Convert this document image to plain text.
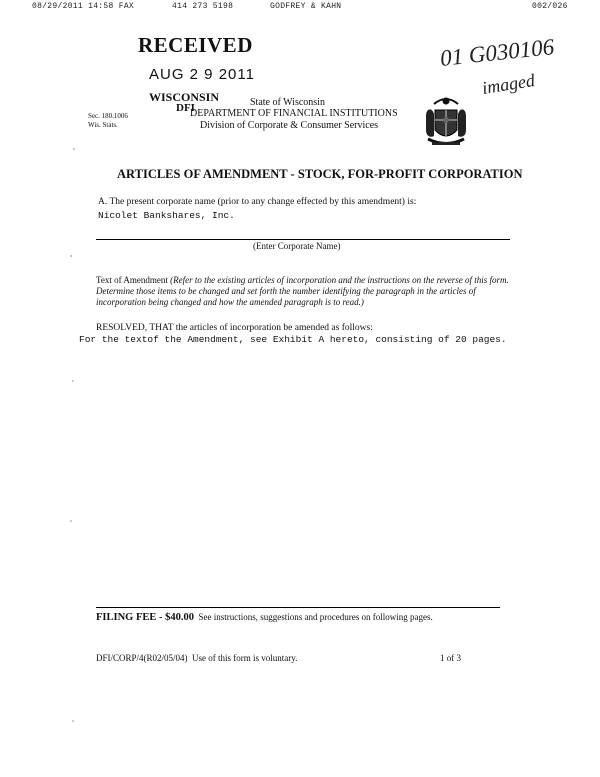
08/29/2011 14:58 FAX	414 273 5198	GODFREY & KAHN	002/026
RECEIVED
AUG 2 9 2011
01 G030106
imaged
WISCONSIN
DFI
Sec. 180.1006
Wis. Stats.
State of Wisconsin
DEPARTMENT OF FINANCIAL INSTITUTIONS
Division of Corporate & Consumer Services
ARTICLES OF AMENDMENT - STOCK, FOR-PROFIT CORPORATION
A. The present corporate name (prior to any change effected by this amendment) is:
Nicolet Bankshares, Inc.
(Enter Corporate Name)
Text of Amendment (Refer to the existing articles of incorporation and the instructions on the reverse of this form. Determine those items to be changed and set forth the number identifying the paragraph in the articles of incorporation being changed and how the amended paragraph is to read.)
RESOLVED, THAT the articles of incorporation be amended as follows:
For the textof the Amendment, see Exhibit A hereto, consisting of 20 pages.
FILING FEE - $40.00 See instructions, suggestions and procedures on following pages.
DFI/CORP/4(R02/05/04) Use of this form is voluntary.	1 of 3
